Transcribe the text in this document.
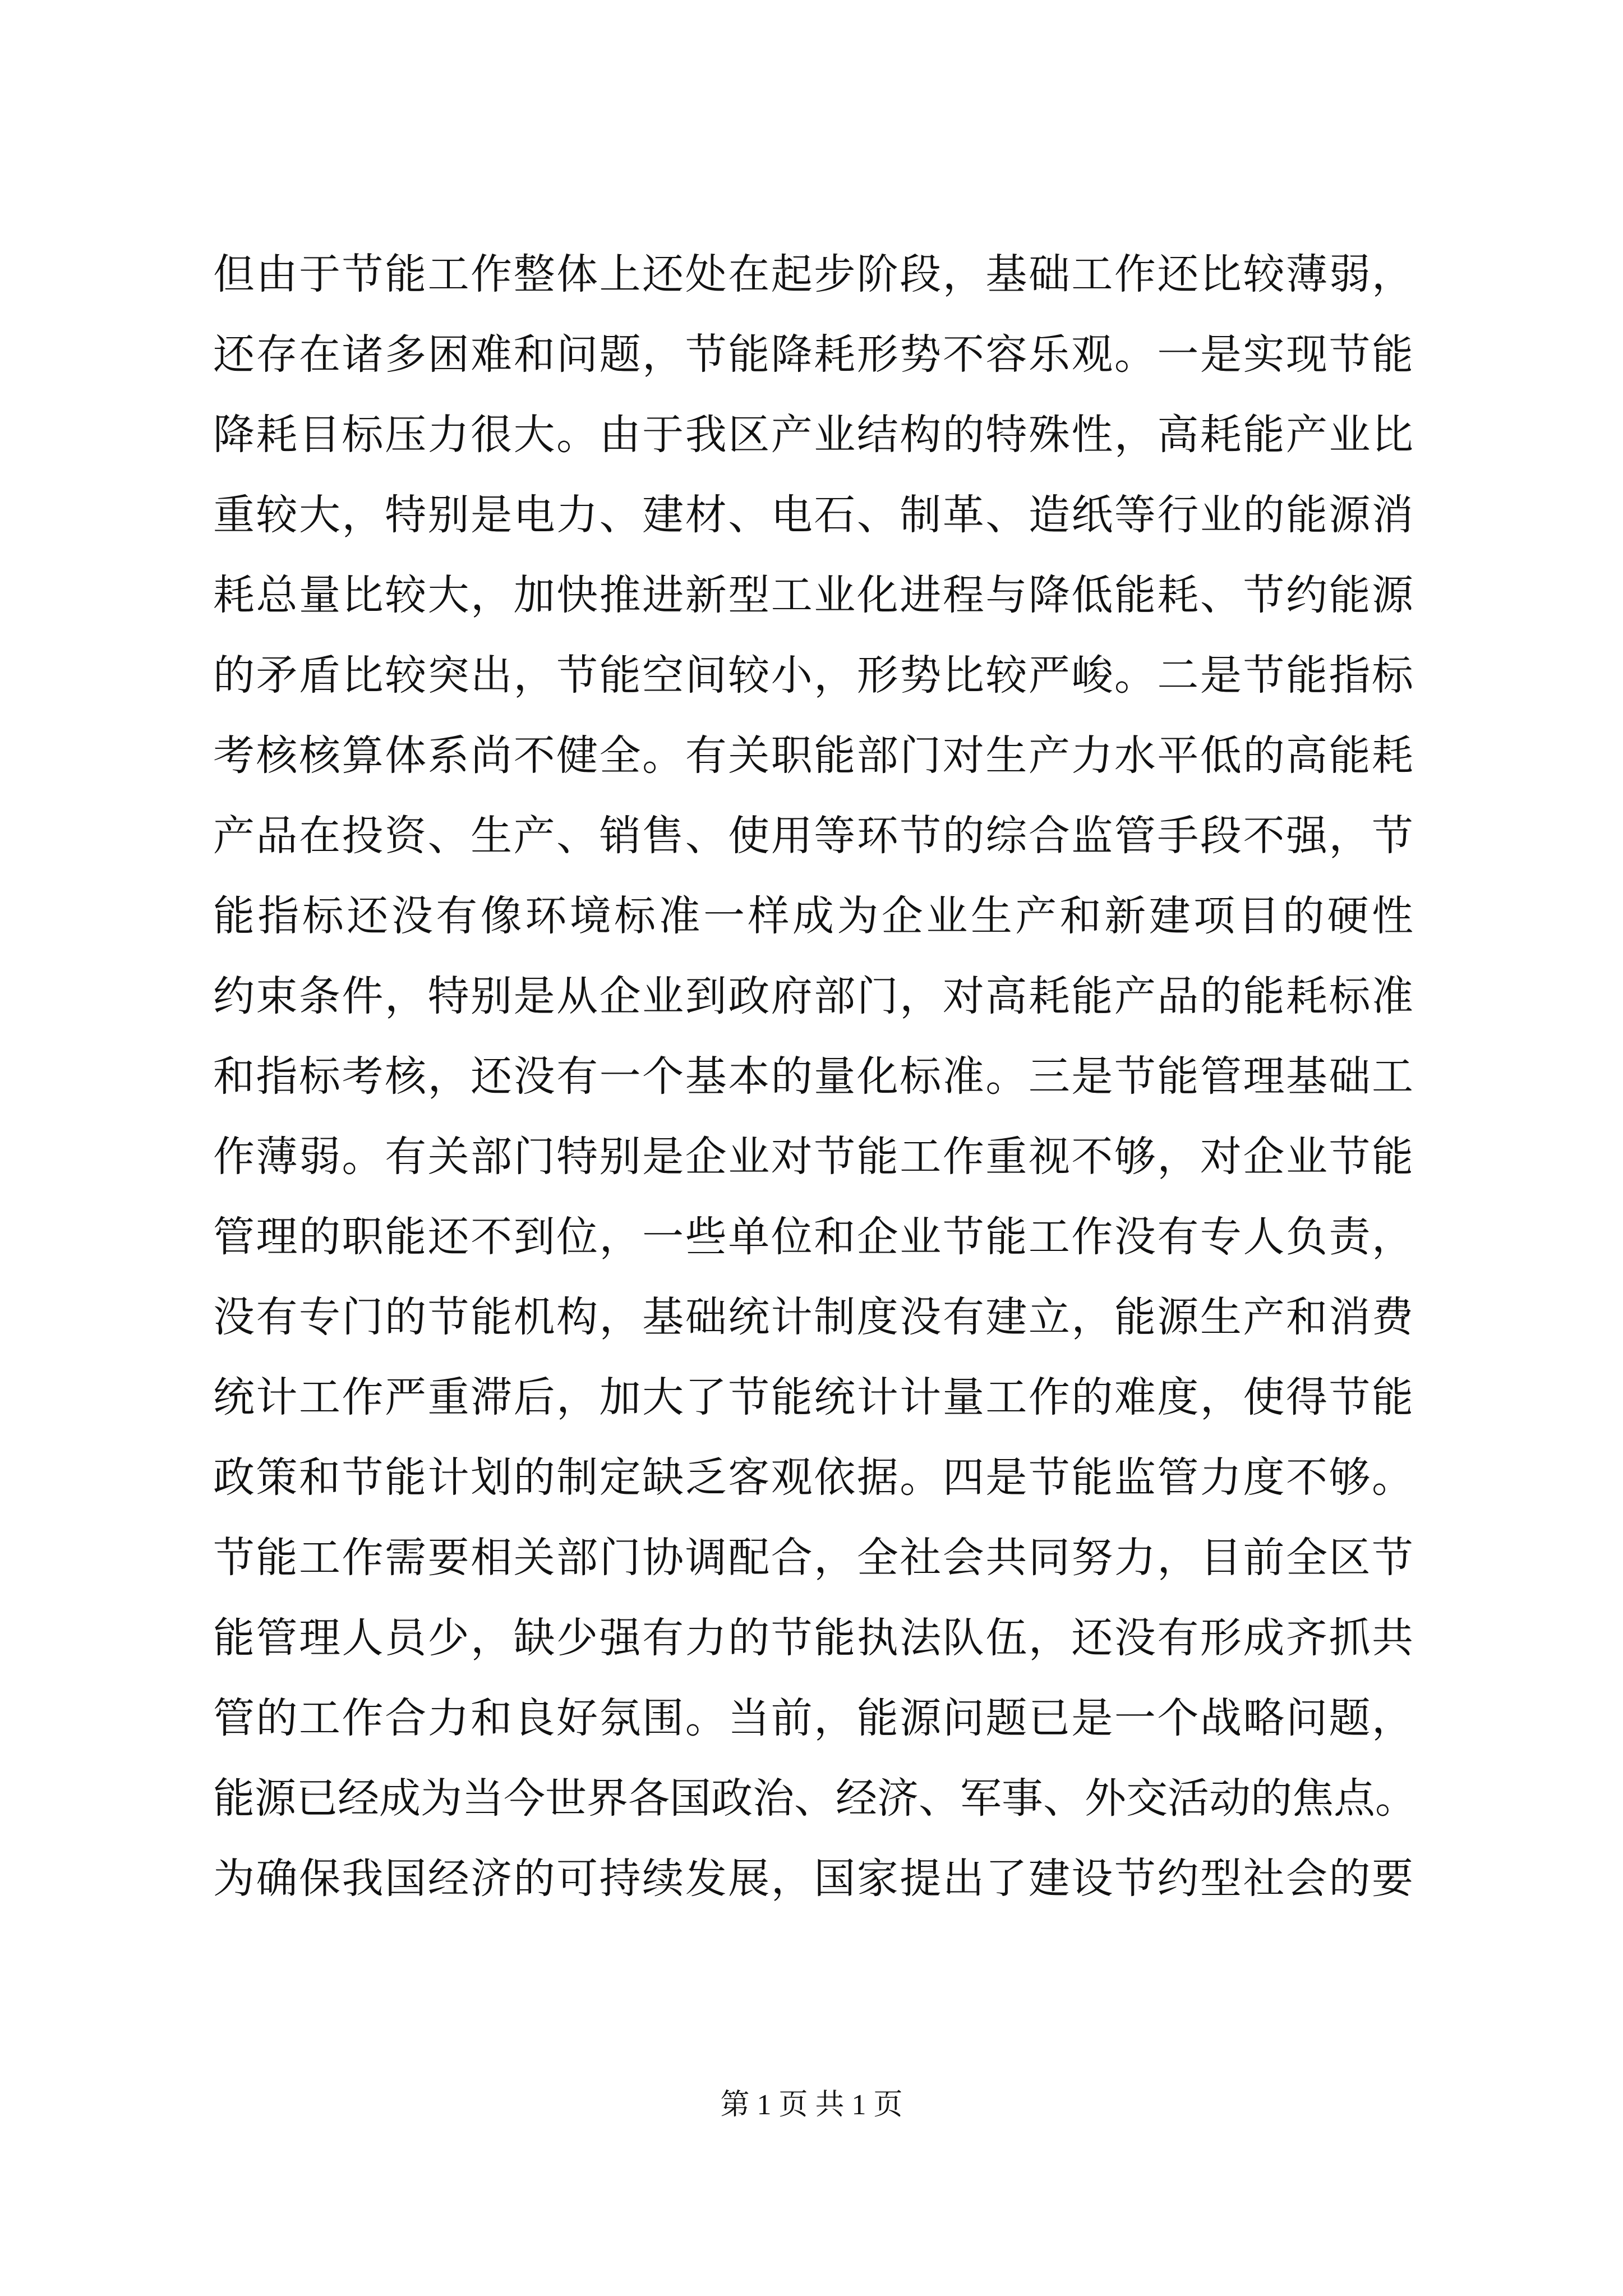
但由于节能工作整体上还处在起步阶段，基础工作还比较薄弱，
还存在诸多困难和问题，节能降耗形势不容乐观。一是实现节能
降耗目标压力很大。由于我区产业结构的特殊性，高耗能产业比
重较大，特别是电力、建材、电石、制革、造纸等行业的能源消
耗总量比较大，加快推进新型工业化进程与降低能耗、节约能源
的矛盾比较突出，节能空间较小，形势比较严峻。二是节能指标
考核核算体系尚不健全。有关职能部门对生产力水平低的高能耗
产品在投资、生产、销售、使用等环节的综合监管手段不强，节
能指标还没有像环境标准一样成为企业生产和新建项目的硬性
约束条件，特别是从企业到政府部门，对高耗能产品的能耗标准
和指标考核，还没有一个基本的量化标准。三是节能管理基础工
作薄弱。有关部门特别是企业对节能工作重视不够，对企业节能
管理的职能还不到位，一些单位和企业节能工作没有专人负责，
没有专门的节能机构，基础统计制度没有建立，能源生产和消费
统计工作严重滞后，加大了节能统计计量工作的难度，使得节能
政策和节能计划的制定缺乏客观依据。四是节能监管力度不够。
节能工作需要相关部门协调配合，全社会共同努力，目前全区节
能管理人员少，缺少强有力的节能执法队伍，还没有形成齐抓共
管的工作合力和良好氛围。当前，能源问题已是一个战略问题，
能源已经成为当今世界各国政治、经济、军事、外交活动的焦点。
为确保我国经济的可持续发展，国家提出了建设节约型社会的要
第 1 页 共 1 页
